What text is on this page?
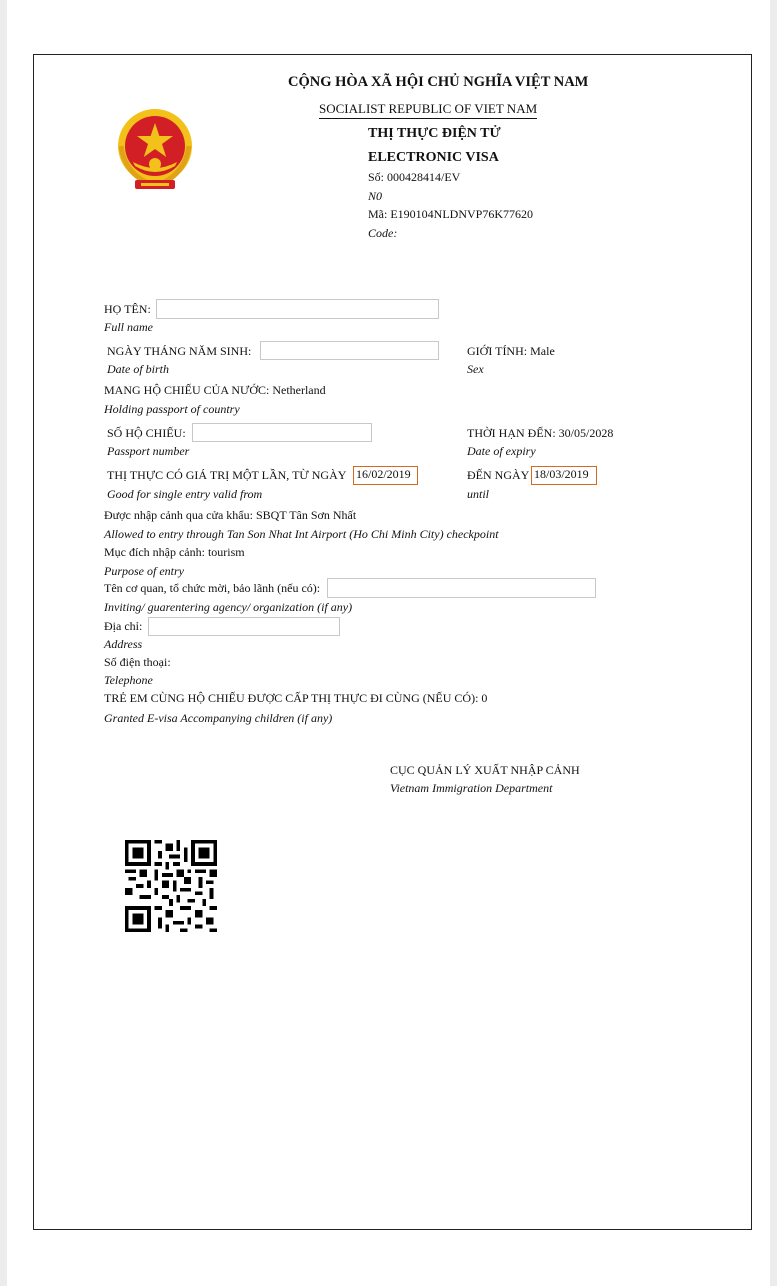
CỘNG HÒA XÃ HỘI CHỦ NGHĨA VIỆT NAM
SOCIALIST REPUBLIC OF VIET NAM
THỊ THỰC ĐIỆN TỬ
ELECTRONIC VISA
Số: 000428414/EV
N0
Mã: E190104NLDNVP76K77620
Code:
HỌ TÊN:
Full name
NGÀY THÁNG NĂM SINH:
Date of birth
GIỚI TÍNH: Male
Sex
MANG HỘ CHIẾU CỦA NƯỚC: Netherland
Holding passport of country
SỐ HỘ CHIẾU:
Passport number
THỜI HẠN ĐẾN: 30/05/2028
Date of expiry
THỊ THỰC CÓ GIÁ TRỊ MỘT LẦN, TỪ NGÀY 16/02/2019
Good for single entry valid from
ĐẾN NGÀY 18/03/2019
until
Được nhập cảnh qua cửa khẩu: SBQT Tân Sơn Nhất
Allowed to entry through Tan Son Nhat Int Airport (Ho Chi Minh City) checkpoint
Mục đích nhập cảnh: tourism
Purpose of entry
Tên cơ quan, tổ chức mời, bảo lãnh (nếu có):
Inviting/ guarentering agency/ organization (if any)
Địa chỉ:
Address
Số điện thoại:
Telephone
TRẺ EM CÙNG HỘ CHIẾU ĐƯỢC CẤP THỊ THỰC ĐI CÙNG (NẾU CÓ): 0
Granted E-visa Accompanying children (if any)
CỤC QUẢN LÝ XUẤT NHẬP CẢNH
Vietnam Immigration Department
